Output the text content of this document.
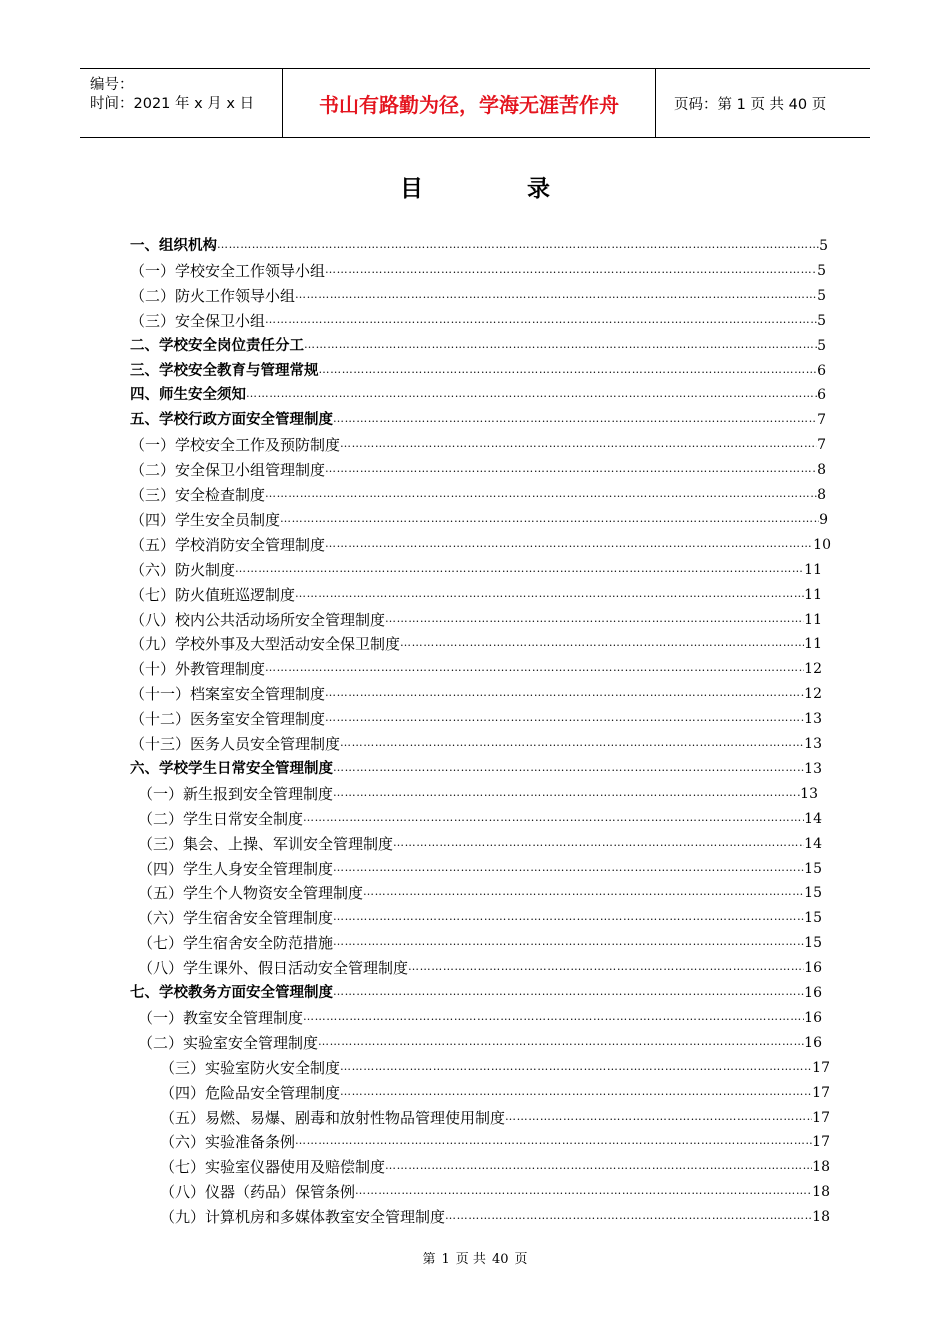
编号：
时间：2021 年 x 月 x 日	书山有路勤为径，学海无涯苦作舟	页码：第 1 页 共 40 页
目	录
一、组织机构 …………………………………………………………………………………………………………………………………………………………………………………………	5
（一）学校安全工作领导小组 …………………………………………………………………………………………………………………………………………………………………………………………	5
（二）防火工作领导小组 …………………………………………………………………………………………………………………………………………………………………………………………	5
（三）安全保卫小组 …………………………………………………………………………………………………………………………………………………………………………………………	5
二、学校安全岗位责任分工 …………………………………………………………………………………………………………………………………………………………………………………………	5
三、学校安全教育与管理常规 …………………………………………………………………………………………………………………………………………………………………………………………	6
四、师生安全须知 …………………………………………………………………………………………………………………………………………………………………………………………	6
五、学校行政方面安全管理制度 …………………………………………………………………………………………………………………………………………………………………………………………	7
（一）学校安全工作及预防制度 …………………………………………………………………………………………………………………………………………………………………………………………	7
（二）安全保卫小组管理制度 …………………………………………………………………………………………………………………………………………………………………………………………	8
（三）安全检查制度 …………………………………………………………………………………………………………………………………………………………………………………………	8
（四）学生安全员制度 …………………………………………………………………………………………………………………………………………………………………………………………	9
（五）学校消防安全管理制度 …………………………………………………………………………………………………………………………………………………………………………………………	10
（六）防火制度 …………………………………………………………………………………………………………………………………………………………………………………………	11
（七）防火值班巡逻制度 …………………………………………………………………………………………………………………………………………………………………………………………	11
（八）校内公共活动场所安全管理制度 …………………………………………………………………………………………………………………………………………………………………………………………	11
（九）学校外事及大型活动安全保卫制度 …………………………………………………………………………………………………………………………………………………………………………………………	11
（十）外教管理制度 …………………………………………………………………………………………………………………………………………………………………………………………	12
（十一）档案室安全管理制度 …………………………………………………………………………………………………………………………………………………………………………………………	12
（十二）医务室安全管理制度 …………………………………………………………………………………………………………………………………………………………………………………………	13
（十三）医务人员安全管理制度 …………………………………………………………………………………………………………………………………………………………………………………………	13
六、学校学生日常安全管理制度 …………………………………………………………………………………………………………………………………………………………………………………………	13
（一）新生报到安全管理制度 …………………………………………………………………………………………………………………………………………………………………………………………	13
（二）学生日常安全制度 …………………………………………………………………………………………………………………………………………………………………………………………	14
（三）集会、上操、军训安全管理制度 …………………………………………………………………………………………………………………………………………………………………………………………	14
（四）学生人身安全管理制度 …………………………………………………………………………………………………………………………………………………………………………………………	15
（五）学生个人物资安全管理制度 …………………………………………………………………………………………………………………………………………………………………………………………	15
（六）学生宿舍安全管理制度 …………………………………………………………………………………………………………………………………………………………………………………………	15
（七）学生宿舍安全防范措施 …………………………………………………………………………………………………………………………………………………………………………………………	15
（八）学生课外、假日活动安全管理制度 …………………………………………………………………………………………………………………………………………………………………………………………	16
七、学校教务方面安全管理制度 …………………………………………………………………………………………………………………………………………………………………………………………	16
（一）教室安全管理制度 …………………………………………………………………………………………………………………………………………………………………………………………	16
（二）实验室安全管理制度 …………………………………………………………………………………………………………………………………………………………………………………………	16
（三）实验室防火安全制度 …………………………………………………………………………………………………………………………………………………………………………………………	17
（四）危险品安全管理制度 …………………………………………………………………………………………………………………………………………………………………………………………	17
（五）易燃、易爆、剧毒和放射性物品管理使用制度 …………………………………………………………………………………………………………………………………………………………………………………………	17
（六）实验准备条例 …………………………………………………………………………………………………………………………………………………………………………………………	17
（七）实验室仪器使用及赔偿制度 …………………………………………………………………………………………………………………………………………………………………………………………	18
（八）仪器（药品）保管条例 …………………………………………………………………………………………………………………………………………………………………………………………	18
（九）计算机房和多媒体教室安全管理制度 …………………………………………………………………………………………………………………………………………………………………………………………	18
第 1 页 共 40 页
